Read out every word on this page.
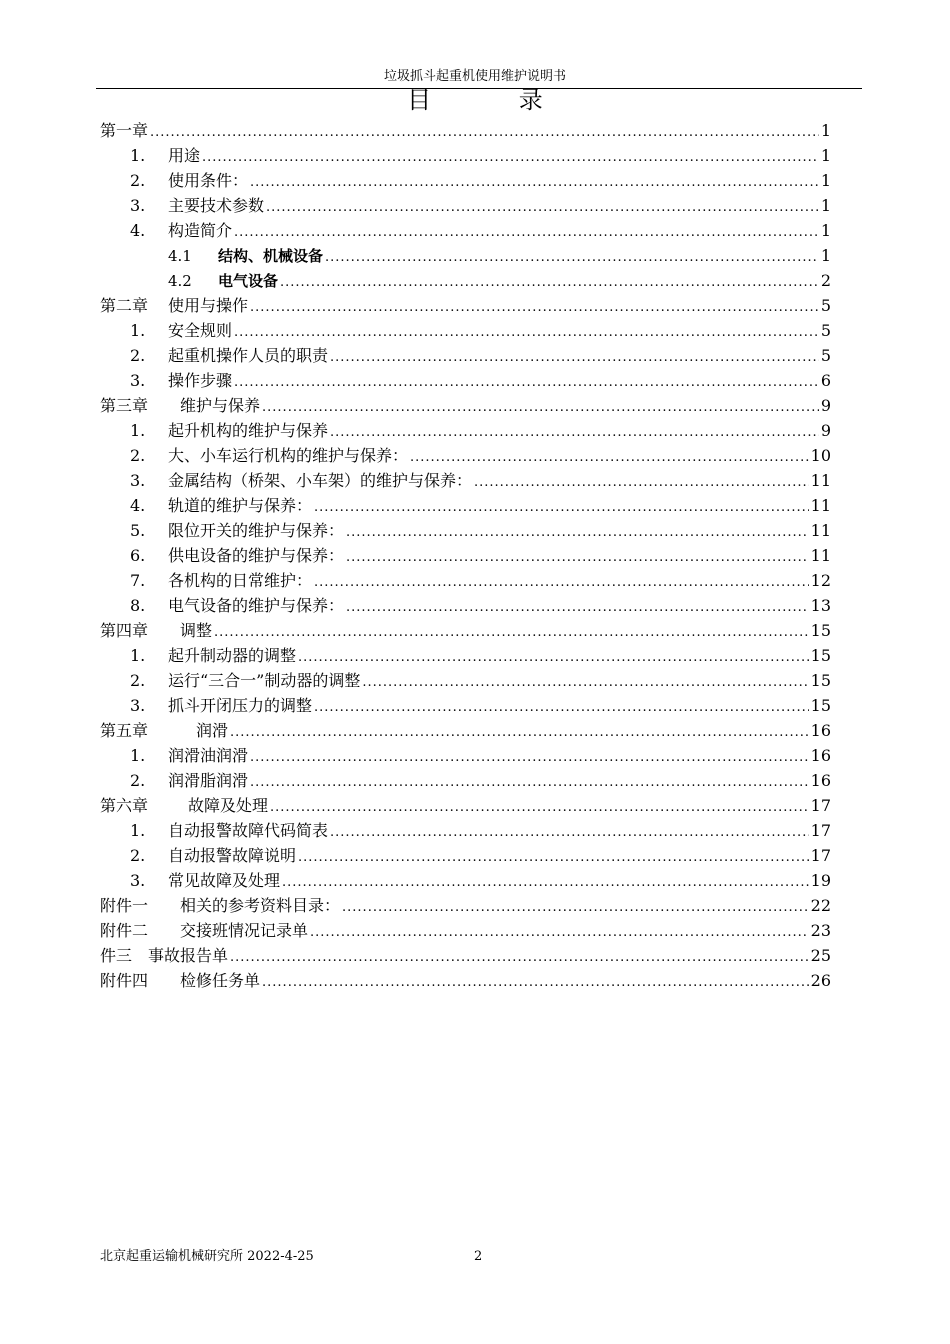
垃圾抓斗起重机使用维护说明书
目 录
第一章 .....	1
1.	用途 .....	1
2.	使用条件： .....	1
3.	主要技术参数 .....	1
4.	构造简介 .....	1
4.1	结构、机械设备 .....	1
4.2	电气设备 .....	2
第二章 使用与操作 .....	5
1.	安全规则 .....	5
2.	起重机操作人员的职责 .....	5
3.	操作步骤 .....	6
第三章 维护与保养 .....	9
1.	起升机构的维护与保养 .....	9
2.	大、小车运行机构的维护与保养： .....	10
3.	金属结构（桥架、小车架）的维护与保养： .....	11
4.	轨道的维护与保养： .....	11
5.	限位开关的维护与保养： .....	11
6.	供电设备的维护与保养： .....	11
7.	各机构的日常维护： .....	12
8.	电气设备的维护与保养： .....	13
第四章 调整 .....	15
1.	起升制动器的调整 .....	15
2.	运行“三合一”制动器的调整 .....	15
3.	抓斗开闭压力的调整 .....	15
第五章	润滑 .....	16
1.	润滑油润滑 .....	16
2.	润滑脂润滑 .....	16
第六章	故障及处理 .....	17
1.	自动报警故障代码简表 .....	17
2.	自动报警故障说明 .....	17
3.	常见故障及处理 .....	19
附件一 相关的参考资料目录： .....	22
附件二 交接班情况记录单 .....	23
件三 事故报告单 .....	25
附件四 检修任务单 .....	26
北京起重运输机械研究所 2022-4-25	2
